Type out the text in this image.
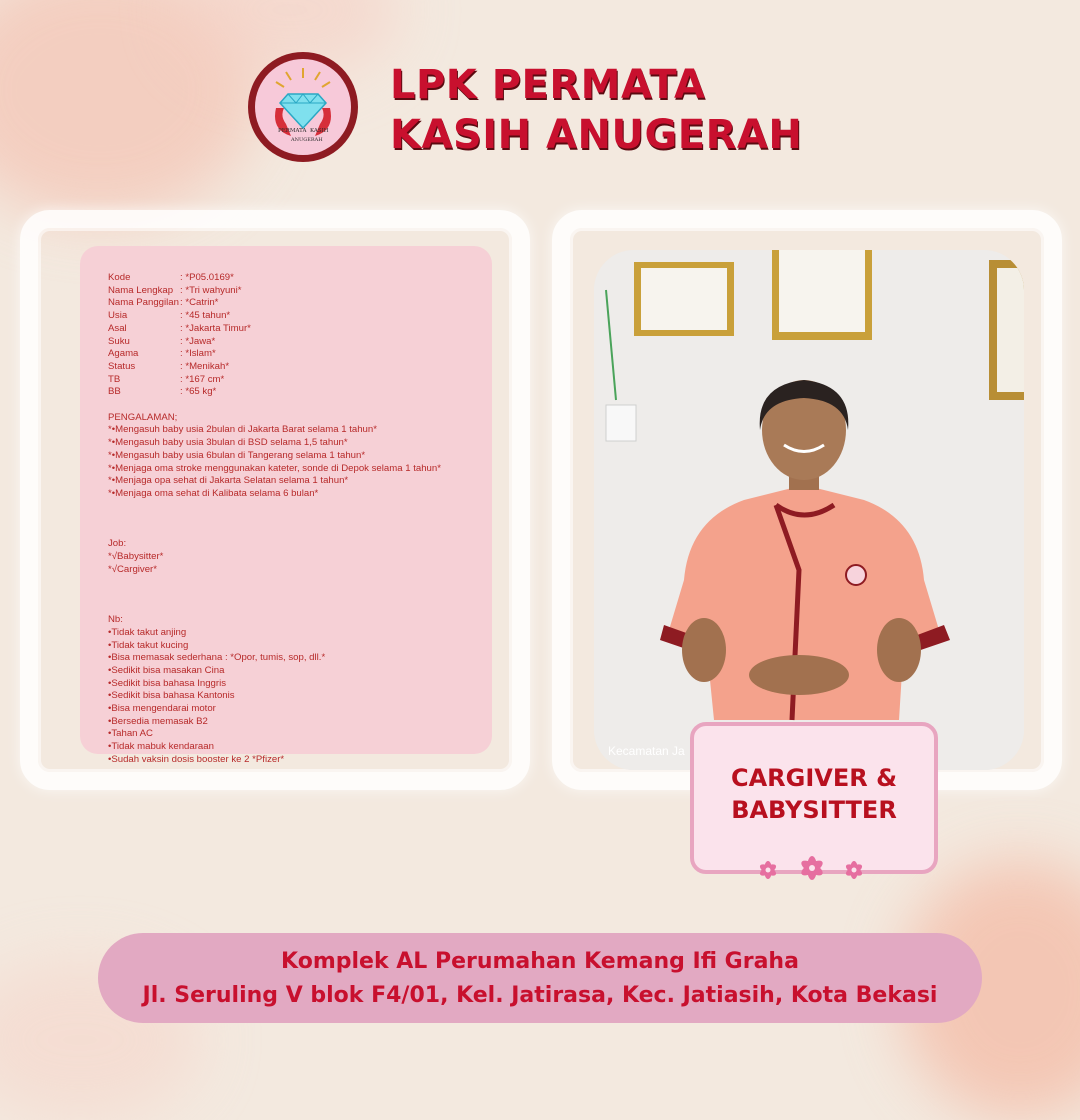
PERMATA KASIH
ANUGERAH
LPK PERMATA
KASIH ANUGERAH
Kode	: *P05.0169*
Nama Lengkap : *Tri wahyuni*
Nama Panggilan: *Catrin*
Usia	: *45 tahun*
Asal	: *Jakarta Timur*
Suku	: *Jawa*
Agama	: *Islam*
Status	: *Menikah*
TB	: *167 cm*
BB	: *65 kg*
PENGALAMAN;
*•Mengasuh baby usia 2bulan di Jakarta Barat selama 1 tahun*
*•Mengasuh baby usia 3bulan di BSD selama 1,5 tahun*
*•Mengasuh baby usia 6bulan di Tangerang selama 1 tahun*
*•Menjaga oma stroke menggunakan kateter, sonde di Depok selama 1 tahun*
*•Menjaga opa sehat di Jakarta Selatan selama 1 tahun*
*•Menjaga oma sehat di Kalibata selama 6 bulan*
Job:
*√Babysitter*
*√Cargiver*
Nb:
•Tidak takut anjing
•Tidak takut kucing
•Bisa memasak sederhana : *Opor, tumis, sop, dll.*
•Sedikit bisa masakan Cina
•Sedikit bisa bahasa Inggris
•Sedikit bisa bahasa Kantonis
•Bisa mengendarai motor
•Bersedia memasak B2
•Tahan AC
•Tidak mabuk kendaraan
•Sudah vaksin dosis booster ke 2 *Pfizer*
Kecamatan Ja
CARGIVER &
BABYSITTER
Komplek AL Perumahan Kemang Ifi Graha
Jl. Seruling V blok F4/01, Kel. Jatirasa, Kec. Jatiasih, Kota Bekasi
